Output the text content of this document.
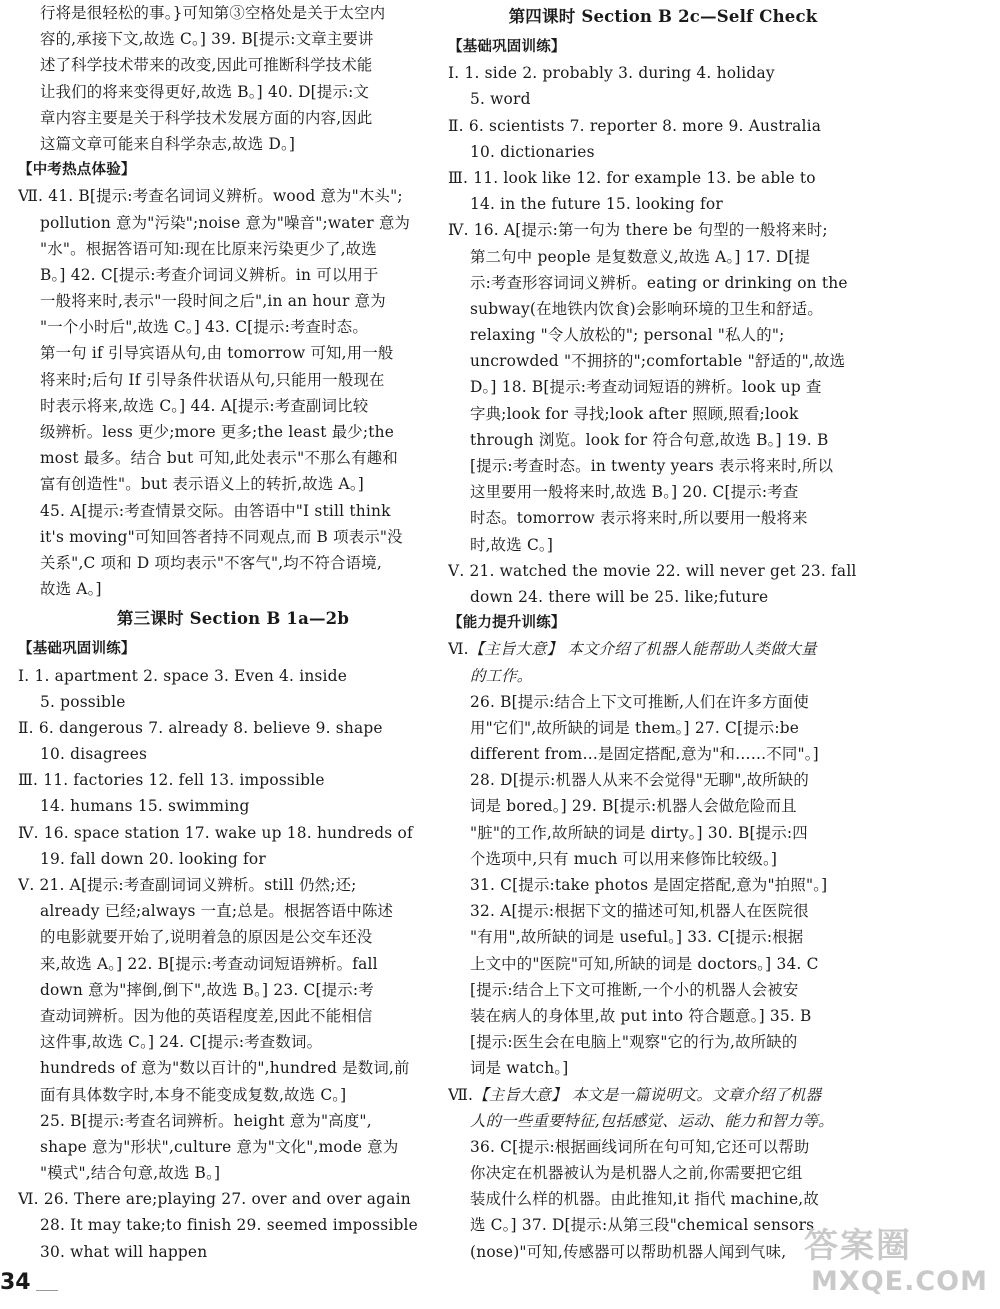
行将是很轻松的事。}可知第③空格处是关于太空内
容的,承接下文,故选 C。] 39. B[提示:文章主要讲
述了科学技术带来的改变,因此可推断科学技术能
让我们的将来变得更好,故选 B。] 40. D[提示:文
章内容主要是关于科学技术发展方面的内容,因此
这篇文章可能来自科学杂志,故选 D。]
【中考热点体验】
Ⅶ. 41. B[提示:考查名词词义辨析。wood 意为"木头";
pollution 意为"污染";noise 意为"噪音";water 意为
"水"。根据答语可知:现在比原来污染更少了,故选
B。] 42. C[提示:考查介词词义辨析。in 可以用于
一般将来时,表示"一段时间之后",in an hour 意为
"一个小时后",故选 C。] 43. C[提示:考查时态。
第一句 if 引导宾语从句,由 tomorrow 可知,用一般
将来时;后句 If 引导条件状语从句,只能用一般现在
时表示将来,故选 C。] 44. A[提示:考查副词比较
级辨析。less 更少;more 更多;the least 最少;the
most 最多。结合 but 可知,此处表示"不那么有趣和
富有创造性"。but 表示语义上的转折,故选 A。]
45. A[提示:考查情景交际。由答语中"I still think
it's moving"可知回答者持不同观点,而 B 项表示"没
关系",C 项和 D 项均表示"不客气",均不符合语境,
故选 A。]
第三课时 Section B 1a—2b
【基础巩固训练】
Ⅰ. 1. apartment 2. space 3. Even 4. inside
5. possible
Ⅱ. 6. dangerous 7. already 8. believe 9. shape
10. disagrees
Ⅲ. 11. factories 12. fell 13. impossible
14. humans 15. swimming
Ⅳ. 16. space station 17. wake up 18. hundreds of
19. fall down 20. looking for
Ⅴ. 21. A[提示:考查副词词义辨析。still 仍然;还;
already 已经;always 一直;总是。根据答语中陈述
的电影就要开始了,说明着急的原因是公交车还没
来,故选 A。] 22. B[提示:考查动词短语辨析。fall
down 意为"摔倒,倒下",故选 B。] 23. C[提示:考
查动词辨析。因为他的英语程度差,因此不能相信
这件事,故选 C。] 24. C[提示:考查数词。
hundreds of 意为"数以百计的",hundred 是数词,前
面有具体数字时,本身不能变成复数,故选 C。]
25. B[提示:考查名词辨析。height 意为"高度",
shape 意为"形状",culture 意为"文化",mode 意为
"模式",结合句意,故选 B。]
Ⅵ. 26. There are;playing 27. over and over again
28. It may take;to finish 29. seemed impossible
30. what will happen
第四课时 Section B 2c—Self Check
【基础巩固训练】
Ⅰ. 1. side 2. probably 3. during 4. holiday
5. word
Ⅱ. 6. scientists 7. reporter 8. more 9. Australia
10. dictionaries
Ⅲ. 11. look like 12. for example 13. be able to
14. in the future 15. looking for
Ⅳ. 16. A[提示:第一句为 there be 句型的一般将来时;
第二句中 people 是复数意义,故选 A。] 17. D[提
示:考查形容词词义辨析。eating or drinking on the
subway(在地铁内饮食)会影响环境的卫生和舒适。
relaxing "令人放松的"; personal "私人的";
uncrowded "不拥挤的";comfortable "舒适的",故选
D。] 18. B[提示:考查动词短语的辨析。look up 查
字典;look for 寻找;look after 照顾,照看;look
through 浏览。look for 符合句意,故选 B。] 19. B
[提示:考查时态。in twenty years 表示将来时,所以
这里要用一般将来时,故选 B。] 20. C[提示:考查
时态。tomorrow 表示将来时,所以要用一般将来
时,故选 C。]
Ⅴ. 21. watched the movie 22. will never get 23. fall
down 24. there will be 25. like;future
【能力提升训练】
Ⅵ.【主旨大意】 本文介绍了机器人能帮助人类做大量
的工作。
26. B[提示:结合上下文可推断,人们在许多方面使
用"它们",故所缺的词是 them。] 27. C[提示:be
different from…是固定搭配,意为"和……不同"。]
28. D[提示:机器人从来不会觉得"无聊",故所缺的
词是 bored。] 29. B[提示:机器人会做危险而且
"脏"的工作,故所缺的词是 dirty。] 30. B[提示:四
个选项中,只有 much 可以用来修饰比较级。]
31. C[提示:take photos 是固定搭配,意为"拍照"。]
32. A[提示:根据下文的描述可知,机器人在医院很
"有用",故所缺的词是 useful。] 33. C[提示:根据
上文中的"医院"可知,所缺的词是 doctors。] 34. C
[提示:结合上下文可推断,一个小的机器人会被安
装在病人的身体里,故 put into 符合题意。] 35. B
[提示:医生会在电脑上"观察"它的行为,故所缺的
词是 watch。]
Ⅶ.【主旨大意】 本文是一篇说明文。文章介绍了机器
人的一些重要特征,包括感觉、运动、能力和智力等。
36. C[提示:根据画线词所在句可知,它还可以帮助
你决定在机器被认为是机器人之前,你需要把它组
装成什么样的机器。由此推知,it 指代 machine,故
选 C。] 37. D[提示:从第三段"chemical sensors
(nose)"可知,传感器可以帮助机器人闻到气味,
34
答案圈
MXQE.COM
